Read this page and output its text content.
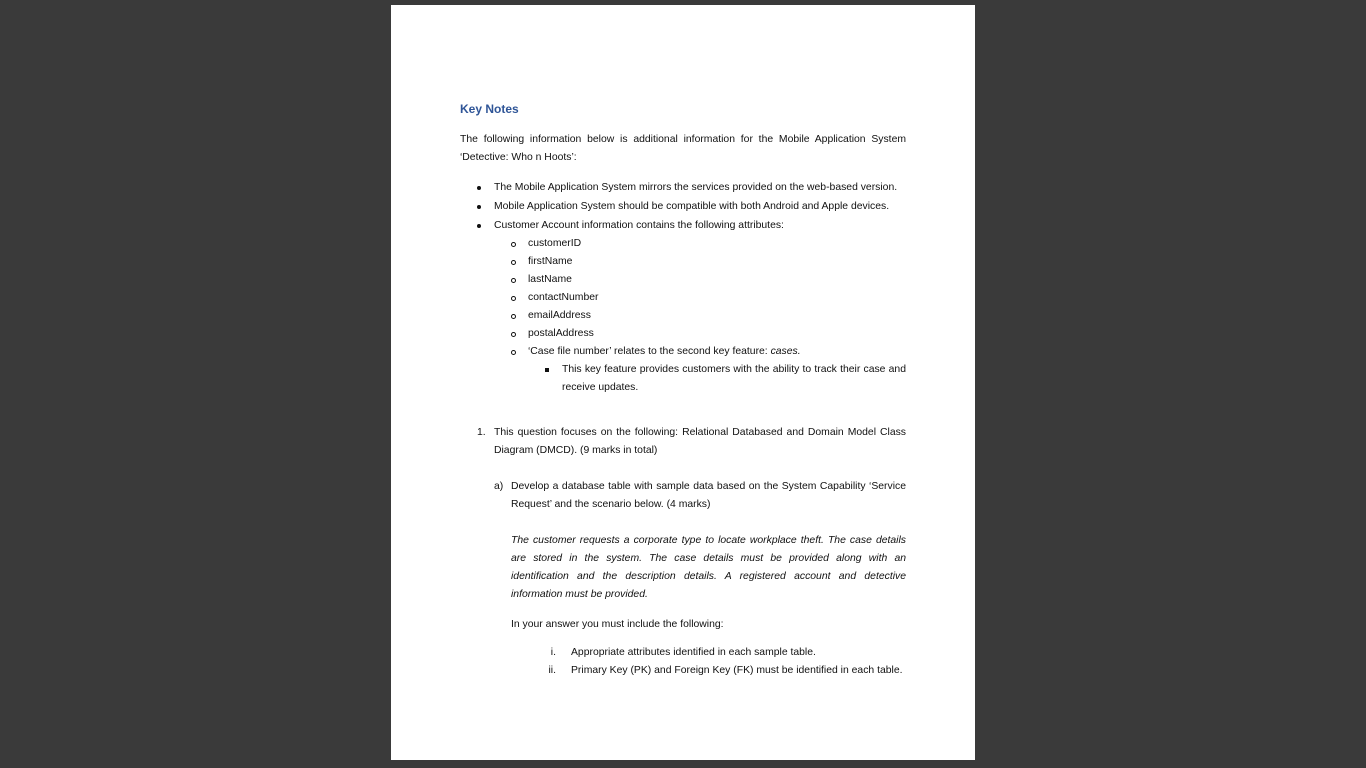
Key Notes
The following information below is additional information for the Mobile Application System ‘Detective: Who n Hoots’:
The Mobile Application System mirrors the services provided on the web-based version.
Mobile Application System should be compatible with both Android and Apple devices.
Customer Account information contains the following attributes:
customerID
firstName
lastName
contactNumber
emailAddress
postalAddress
‘Case file number’ relates to the second key feature: cases.
This key feature provides customers with the ability to track their case and receive updates.
1. This question focuses on the following: Relational Databased and Domain Model Class Diagram (DMCD). (9 marks in total)
a) Develop a database table with sample data based on the System Capability ‘Service Request’ and the scenario below. (4 marks)
The customer requests a corporate type to locate workplace theft. The case details are stored in the system. The case details must be provided along with an identification and the description details. A registered account and detective information must be provided.
In your answer you must include the following:
i. Appropriate attributes identified in each sample table.
ii. Primary Key (PK) and Foreign Key (FK) must be identified in each table.
